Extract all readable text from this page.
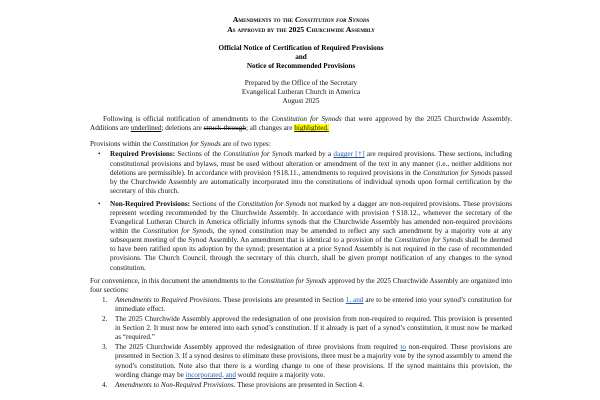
Amendments to the Constitution for Synods
As approved by the 2025 Churchwide Assembly
Official Notice of Certification of Required Provisions
and
Notice of Recommended Provisions
Prepared by the Office of the Secretary
Evangelical Lutheran Church in America
August 2025

Following is official notification of amendments to the Constitution for Synods that were approved by the 2025 Churchwide Assembly. Additions are underlined; deletions are struck-through; all changes are highlighted.

Provisions within the Constitution for Synods are of two types:

• Required Provisions: Sections of the Constitution for Synods marked by a dagger [†] are required provisions. These sections, including constitutional provisions and bylaws, must be used without alteration or amendment of the text in any manner (i.e., neither additions nor deletions are permissible). In accordance with provision †S18.11., amendments to required provisions in the Constitution for Synods passed by the Churchwide Assembly are automatically incorporated into the constitutions of individual synods upon formal certification by the secretary of this church.
• Non-Required Provisions: Sections of the Constitution for Synods not marked by a dagger are non-required provisions. These provisions represent wording recommended by the Churchwide Assembly. In accordance with provision †S18.12., whenever the secretary of the Evangelical Lutheran Church in America officially informs synods that the Churchwide Assembly has amended non-required provisions within the Constitution for Synods, the synod constitution may be amended to reflect any such amendment by a majority vote at any subsequent meeting of the Synod Assembly. An amendment that is identical to a provision of the Constitution for Synods shall be deemed to have been ratified upon its adoption by the synod; presentation at a prior Synod Assembly is not required in the case of recommended provisions. The Church Council, through the secretary of this church, shall be given prompt notification of any changes to the synod constitution.

For convenience, in this document the amendments to the Constitution for Synods approved by the 2025 Churchwide Assembly are organized into four sections:

1. Amendments to Required Provisions. These provisions are presented in Section 1, and are to be entered into your synod’s constitution for immediate effect.
2. The 2025 Churchwide Assembly approved the redesignation of one provision from non-required to required. This provision is presented in Section 2. It must now be entered into each synod’s constitution. If it already is part of a synod’s constitution, it must now be marked as “required.”
3. The 2025 Churchwide Assembly approved the redesignation of three provisions from required to non-required. These provisions are presented in Section 3. If a synod desires to eliminate these provisions, there must be a majority vote by the synod assembly to amend the synod’s constitution. Note also that there is a wording change to one of these provisions. If the synod maintains this provision, the wording change may be incorporated, and would require a majority vote.
4. Amendments to Non-Required Provisions. These provisions are presented in Section 4.
